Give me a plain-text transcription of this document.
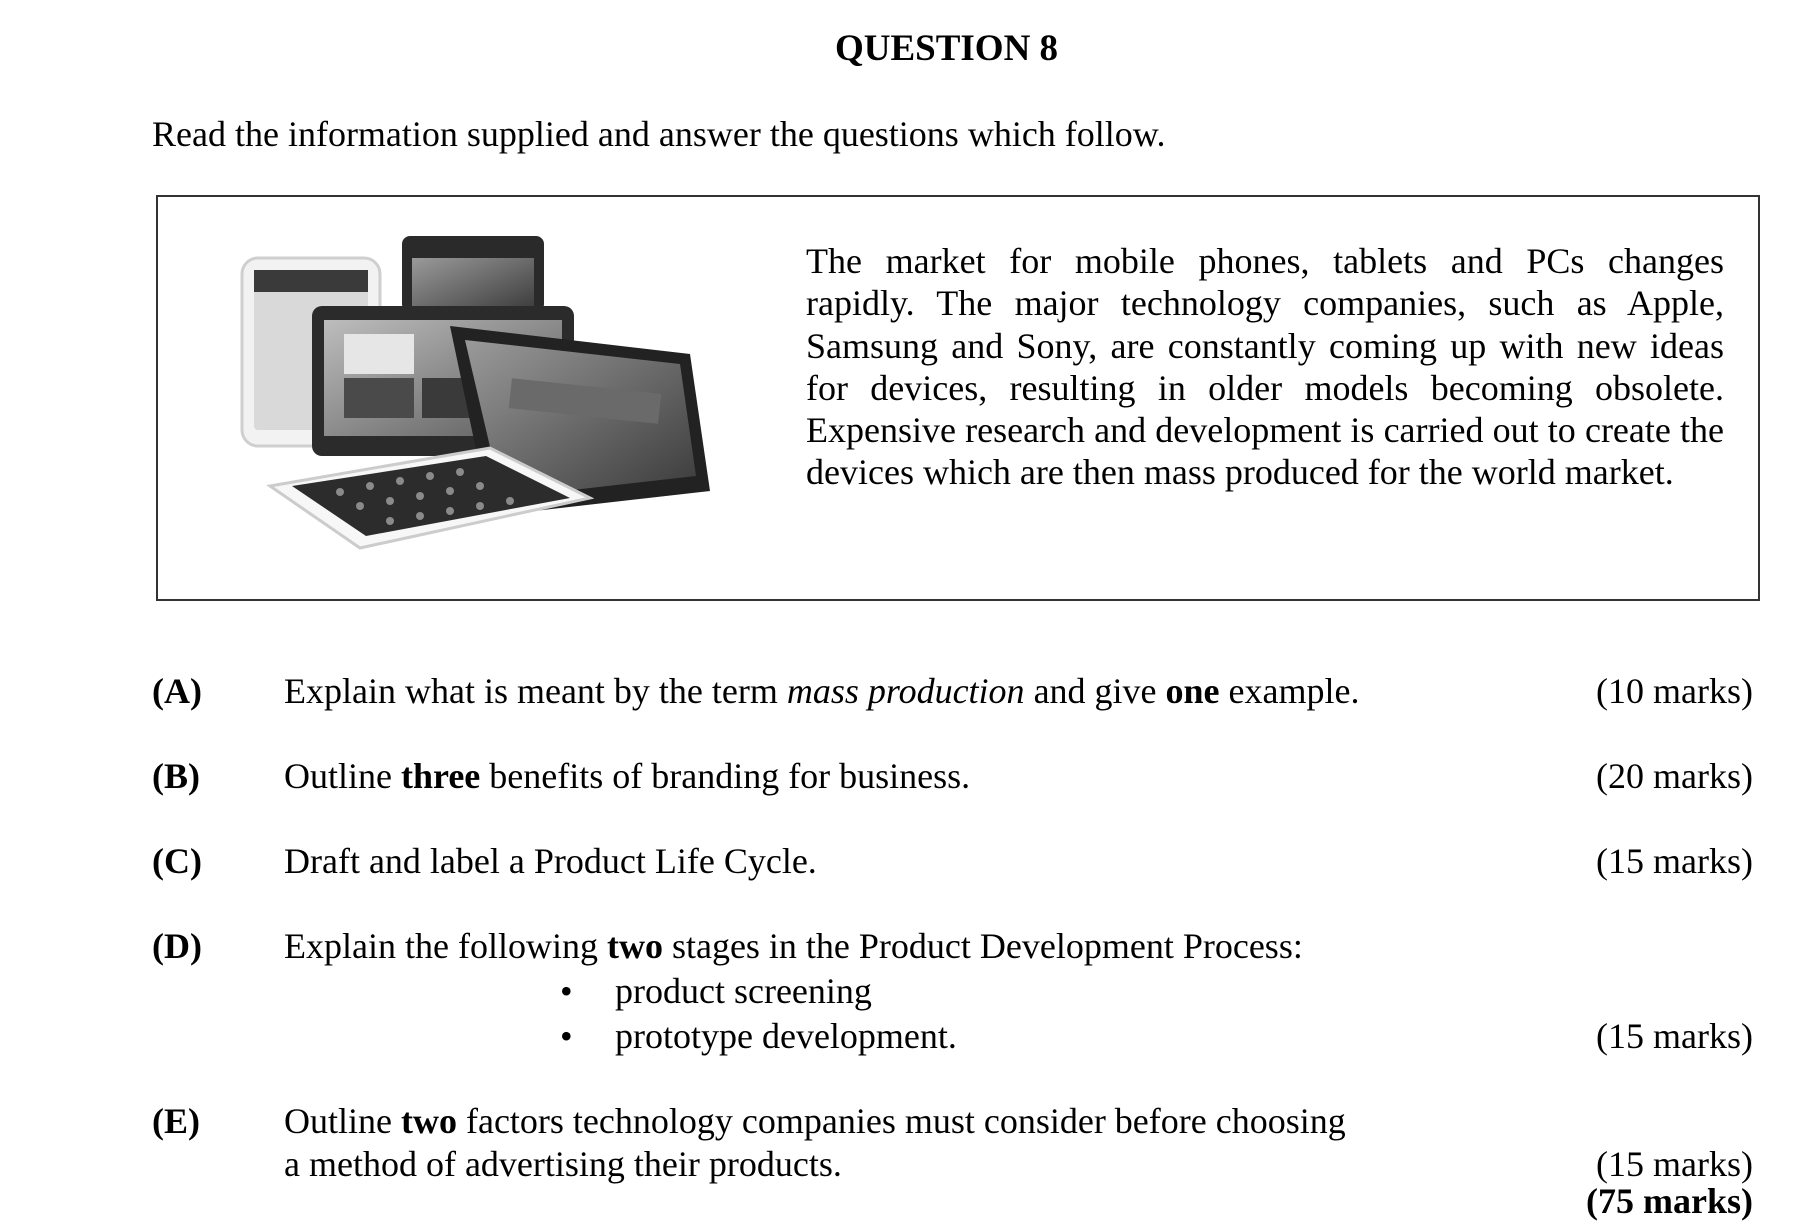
QUESTION 8
Read the information supplied and answer the questions which follow.
The market for mobile phones, tablets and PCs changes rapidly. The major technology companies, such as Apple, Samsung and Sony, are constantly coming up with new ideas for devices, resulting in older models becoming obsolete. Expensive research and development is carried out to create the devices which are then mass produced for the world market.
(A) Explain what is meant by the term mass production and give one example.	(10 marks)
(B) Outline three benefits of branding for business.	(20 marks)
(C) Draft and label a Product Life Cycle.	(15 marks)
(D) Explain the following two stages in the Product Development Process:
• product screening
• prototype development.	(15 marks)
(E) Outline two factors technology companies must consider before choosing
a method of advertising their products.	(15 marks)
(75 marks)
